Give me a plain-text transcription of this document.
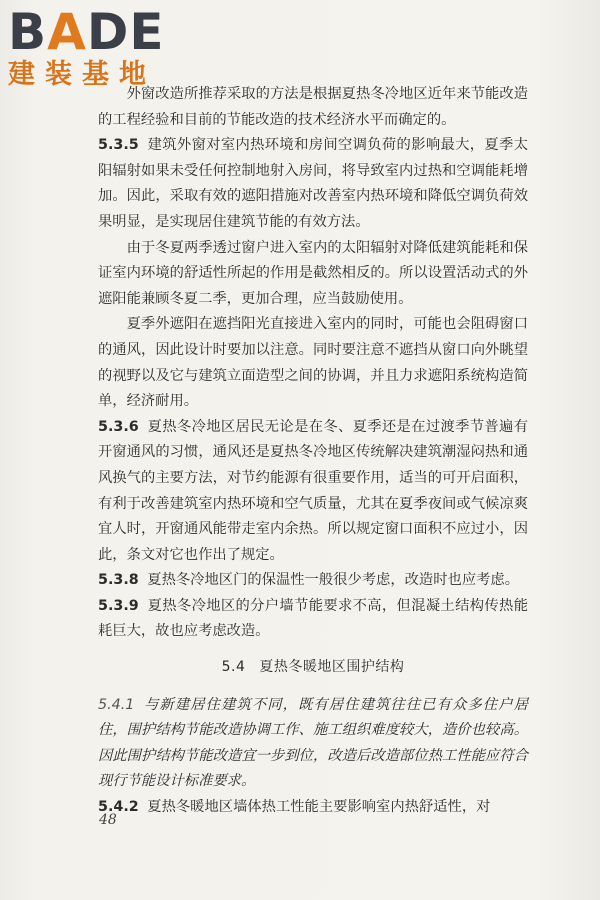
BADE
建装基地

外窗改造所推荐采取的方法是根据夏热冬冷地区近年来节能改造的工程经验和目前的节能改造的技术经济水平而确定的。

5.3.5 建筑外窗对室内热环境和房间空调负荷的影响最大，夏季太阳辐射如果未受任何控制地射入房间，将导致室内过热和空调能耗增加。因此，采取有效的遮阳措施对改善室内热环境和降低空调负荷效果明显，是实现居住建筑节能的有效方法。

由于冬夏两季透过窗户进入室内的太阳辐射对降低建筑能耗和保证室内环境的舒适性所起的作用是截然相反的。所以设置活动式的外遮阳能兼顾冬夏二季，更加合理，应当鼓励使用。

夏季外遮阳在遮挡阳光直接进入室内的同时，可能也会阻碍窗口的通风，因此设计时要加以注意。同时要注意不遮挡从窗口向外眺望的视野以及它与建筑立面造型之间的协调，并且力求遮阳系统构造简单，经济耐用。

5.3.6 夏热冬冷地区居民无论是在冬、夏季还是在过渡季节普遍有开窗通风的习惯，通风还是夏热冬冷地区传统解决建筑潮湿闷热和通风换气的主要方法，对节约能源有很重要作用，适当的可开启面积，有利于改善建筑室内热环境和空气质量，尤其在夏季夜间或气候凉爽宜人时，开窗通风能带走室内余热。所以规定窗口面积不应过小，因此，条文对它也作出了规定。

5.3.8 夏热冬冷地区门的保温性一般很少考虑，改造时也应考虑。

5.3.9 夏热冬冷地区的分户墙节能要求不高，但混凝土结构传热能耗巨大，故也应考虑改造。

5.4 夏热冬暖地区围护结构

5.4.1 与新建居住建筑不同，既有居住建筑往往已有众多住户居住，围护结构节能改造协调工作、施工组织难度较大，造价也较高。因此围护结构节能改造宜一步到位，改造后改造部位热工性能应符合现行节能设计标准要求。

5.4.2 夏热冬暖地区墙体热工性能主要影响室内热舒适性，对

48
